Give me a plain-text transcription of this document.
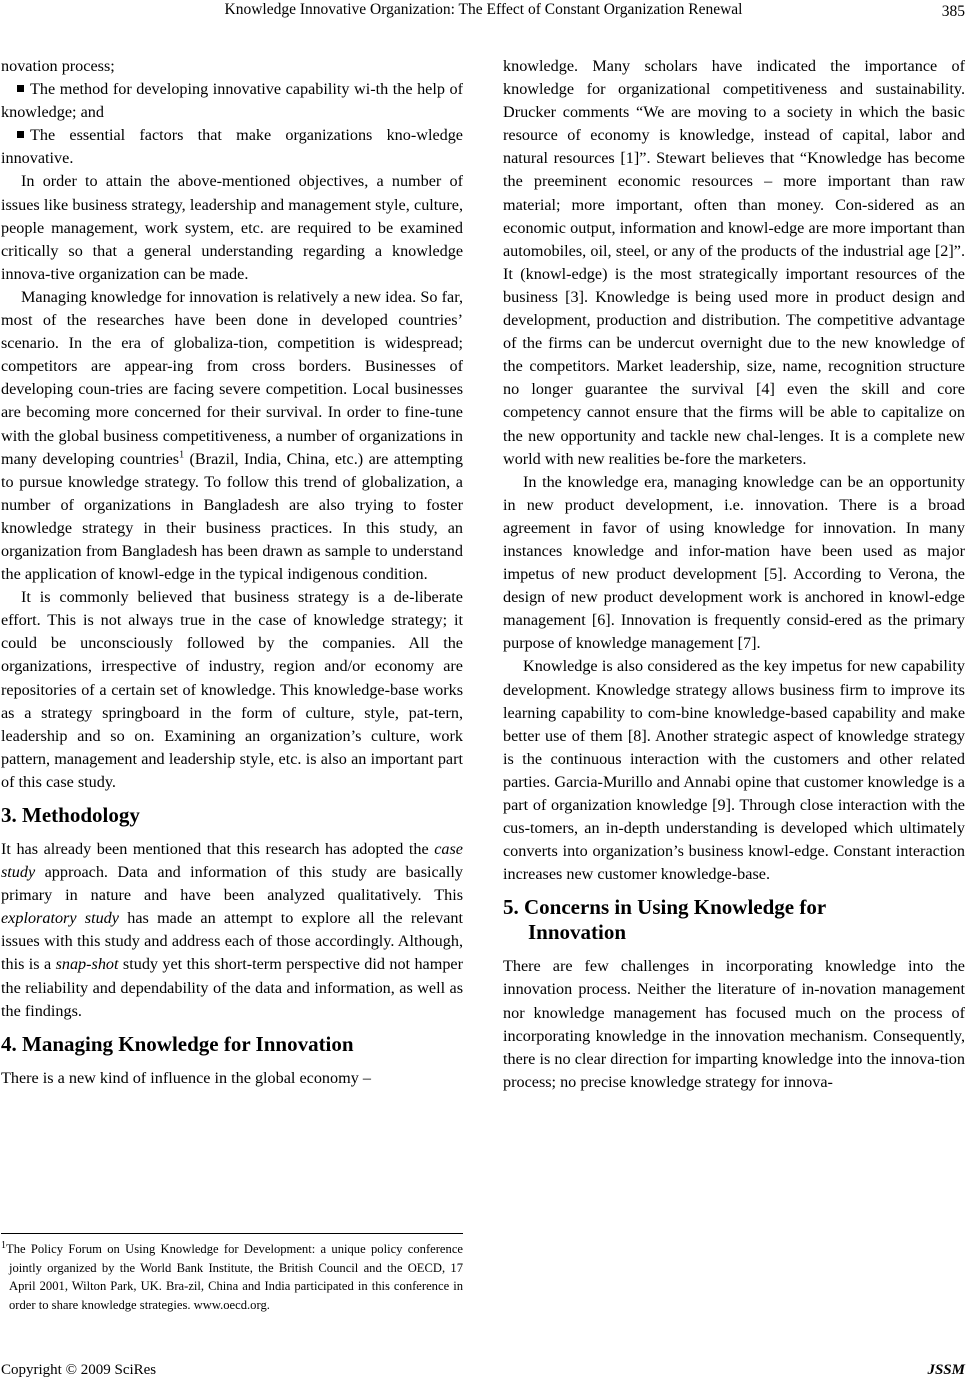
Knowledge Innovative Organization: The Effect of Constant Organization Renewal	385

novation process;

The method for developing innovative capability wi-th the help of knowledge; and

The essential factors that make organizations kno-wledge innovative.

In order to attain the above-mentioned objectives, a number of issues like business strategy, leadership and management style, culture, people management, work system, etc. are required to be examined critically so that a general understanding regarding a knowledge innova-tive organization can be made.

Managing knowledge for innovation is relatively a new idea. So far, most of the researches have been done in developed countries’ scenario. In the era of globaliza-tion, competition is widespread; competitors are appear-ing from cross borders. Businesses of developing coun-tries are facing severe competition. Local businesses are becoming more concerned for their survival. In order to fine-tune with the global business competitiveness, a number of organizations in many developing countries$^1$ (Brazil, India, China, etc.) are attempting to pursue knowledge strategy. To follow this trend of globalization, a number of organizations in Bangladesh are also trying to foster knowledge strategy in their business practices. In this study, an organization from Bangladesh has been drawn as sample to understand the application of knowl-edge in the typical indigenous condition.

It is commonly believed that business strategy is a de-liberate effort. This is not always true in the case of knowledge strategy; it could be unconsciously followed by the companies. All the organizations, irrespective of industry, region and/or economy are repositories of a certain set of knowledge. This knowledge-base works as a strategy springboard in the form of culture, style, pat-tern, leadership and so on. Examining an organization’s culture, work pattern, management and leadership style, etc. is also an important part of this case study.

3. Methodology

It has already been mentioned that this research has adopted the case study approach. Data and information of this study are basically primary in nature and have been analyzed qualitatively. This exploratory study has made an attempt to explore all the relevant issues with this study and address each of those accordingly. Although, this is a snap-shot study yet this short-term perspective did not hamper the reliability and dependability of the data and information, as well as the findings.

4. Managing Knowledge for Innovation

There is a new kind of influence in the global economy –

$^1$The Policy Forum on Using Knowledge for Development: a unique policy conference jointly organized by the World Bank Institute, the British Council and the OECD, 17 April 2001, Wilton Park, UK. Bra-zil, China and India participated in this conference in order to share knowledge strategies. www.oecd.org.

knowledge. Many scholars have indicated the importance of knowledge for organizational competitiveness and sustainability. Drucker comments “We are moving to a society in which the basic resource of economy is knowledge, instead of capital, labor and natural resources [1]”. Stewart believes that “Knowledge has become the preeminent economic resources – more important than raw material; more important, often than money. Con-sidered as an economic output, information and knowl-edge are more important than automobiles, oil, steel, or any of the products of the industrial age [2]”. It (knowl-edge) is the most strategically important resources of the business [3]. Knowledge is being used more in product design and development, production and distribution. The competitive advantage of the firms can be undercut overnight due to the new knowledge of the competitors. Market leadership, size, name, recognition structure no longer guarantee the survival [4] even the skill and core competency cannot ensure that the firms will be able to capitalize on the new opportunity and tackle new chal-lenges. It is a complete new world with new realities be-fore the marketers.

In the knowledge era, managing knowledge can be an opportunity in new product development, i.e. innovation. There is a broad agreement in favor of using knowledge for innovation. In many instances knowledge and infor-mation have been used as major impetus of new product development [5]. According to Verona, the design of new product development work is anchored in knowl-edge management [6]. Innovation is frequently consid-ered as the primary purpose of knowledge management [7].

Knowledge is also considered as the key impetus for new capability development. Knowledge strategy allows business firm to improve its learning capability to com-bine knowledge-based capability and make better use of them [8]. Another strategic aspect of knowledge strategy is the continuous interaction with the customers and other related parties. Garcia-Murillo and Annabi opine that customer knowledge is a part of organization knowledge [9]. Through close interaction with the cus-tomers, an in-depth understanding is developed which ultimately converts into organization’s business knowl-edge. Constant interaction increases new customer knowledge-base.

5. Concerns in Using Knowledge for
Innovation

There are few challenges in incorporating knowledge into the innovation process. Neither the literature of in-novation management nor knowledge management has focused much on the process of incorporating knowledge in the innovation mechanism. Consequently, there is no clear direction for imparting knowledge into the innova-tion process; no precise knowledge strategy for innova-

Copyright © 2009 SciRes	JSSM
